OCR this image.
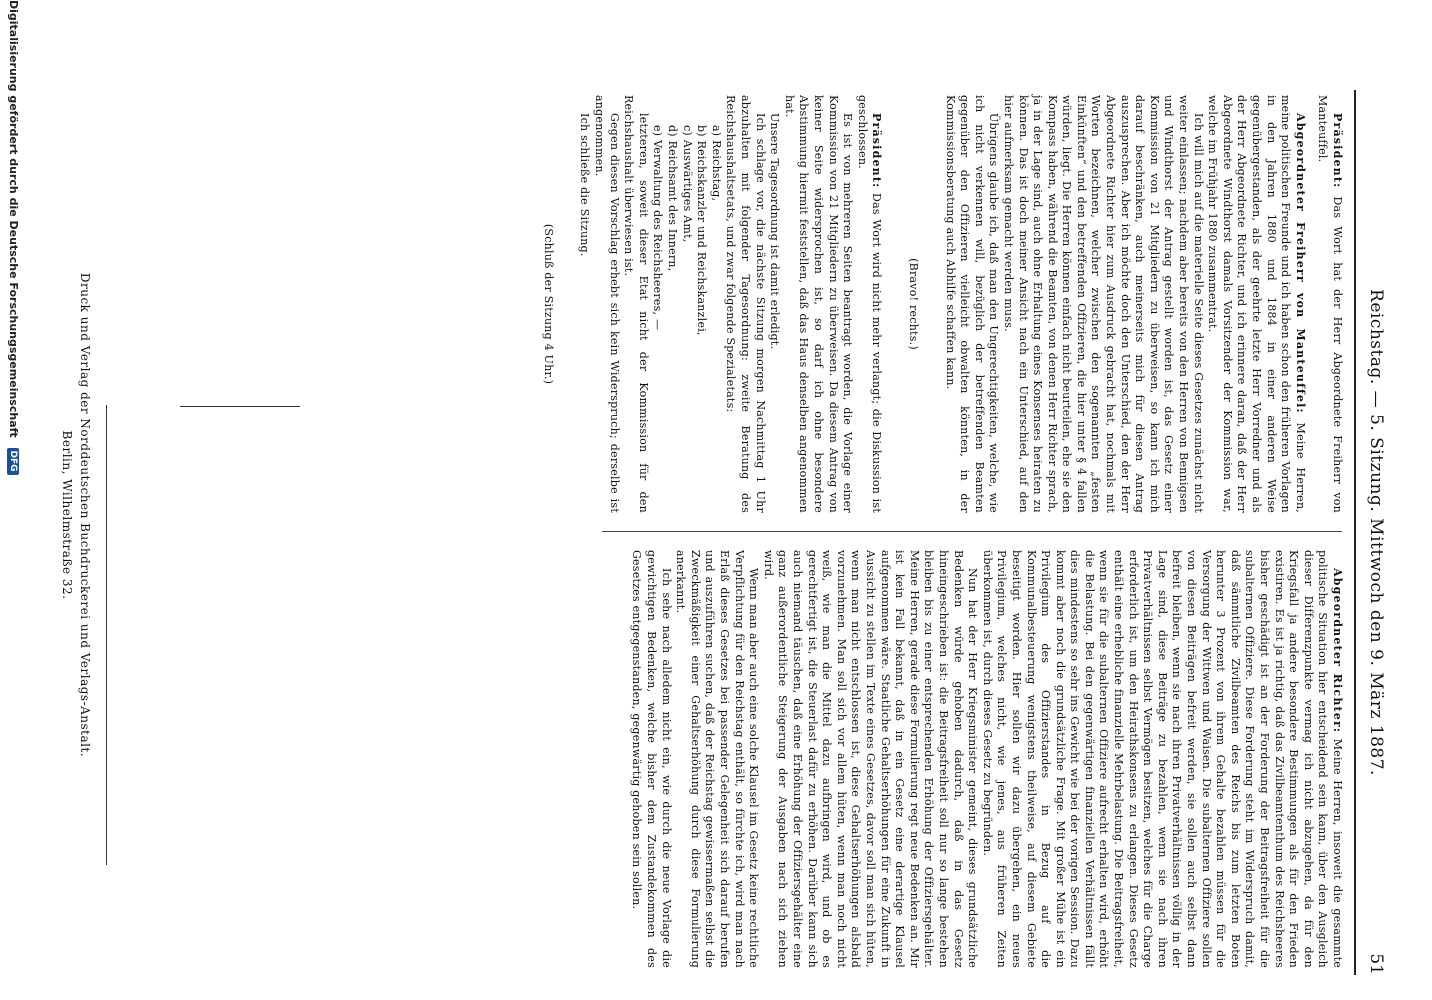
Reichstag. — 5. Sitzung. Mittwoch den 9. März 1887.
51

Präsident: Das Wort hat der Herr Abgeordnete Freiherr von Manteuffel.

Abgeordneter Freiherr von Manteuffel: Meine Herren, meine politischen Freunde und ich haben schon den früheren Vorlagen in den Jahren 1880 und 1884 in einer anderen Weise gegenübergestanden, als der geehrte letzte Herr Vorredner und als der Herr Abgeordnete Richter, und ich erinnere daran, daß der Herr Abgeordnete Windthorst damals Vorsitzender der Kommission war, welche im Frühjahr 1880 zusammentrat.

Ich will mich auf die materielle Seite dieses Gesetzes zunächst nicht weiter einlassen; nachdem aber bereits von den Herren von Bennigsen und Windthorst der Antrag gestellt worden ist, das Gesetz einer Kommission von 21 Mitgliedern zu überweisen, so kann ich mich darauf beschränken, auch meinerseits mich für diesen Antrag auszusprechen. Aber ich möchte doch den Unterschied, den der Herr Abgeordnete Richter hier zum Ausdruck gebracht hat, nochmals mit Worten bezeichnen, welcher zwischen den sogenannten „festen Einkünften“ und den betreffenden Offizieren, die hier unter § 4 fallen würden, liegt. Die Herren können einfach nicht beurteilen, ehe sie den Kompass haben, während die Beamten, von denen Herr Richter sprach, ja in der Lage sind, auch ohne Erhaltung eines Konsenses heiraten zu können. Das ist doch meiner Ansicht nach ein Unterschied, auf den hier aufmerksam gemacht werden muss.

Übrigens glaube ich, daß man den Ungerechtigkeiten, welche, wie ich nicht verkennen will, bezüglich der betreffenden Beamten gegenüber den Offizieren vielleicht obwalten könnten, in der Kommissionsberatung auch Abhilfe schaffen kann.

(Bravo! rechts.)

Präsident: Das Wort wird nicht mehr verlangt; die Diskussion ist geschlossen.

Es ist von mehreren Seiten beantragt worden, die Vorlage einer Kommission von 21 Mitgliedern zu überweisen. Da diesem Antrag von keiner Seite widersprochen ist, so darf ich ohne besondere Abstimmung hiermit feststellen, daß das Haus denselben angenommen hat.

Unsere Tagesordnung ist damit erledigt.

Ich schlage vor, die nächste Sitzung morgen Nachmittag 1 Uhr abzuhalten mit folgender Tagesordnung: zweite Beratung des Reichshaushaltsetats, und zwar folgende Spezialetats:

a) Reichstag,
b) Reichskanzler und Reichskanzlei,
c) Auswärtiges Amt,
d) Reichsamt des Innern,
e) Verwaltung des Reichsheeres, —

letzteren, soweit dieser Etat nicht der Kommission für den Reichshaushalt überwiesen ist.

Gegen diesen Vorschlag erhebt sich kein Widerspruch; derselbe ist angenommen.

Ich schließe die Sitzung.

(Schluß der Sitzung 4 Uhr.)

Abgeordneter Richter: Meine Herren, insoweit die gesammte politische Situation hier entscheidend sein kann, über den Ausgleich dieser Differenzpunkte vermag ich nicht abzugehen, da für den Kriegsfall ja andere besondere Bestimmungen als für den Frieden existiren. Es ist ja richtig, daß das Zivilbeamtenthum des Reichsheeres bisher geschädigt ist an der Forderung der Beitragsfreiheit für die subalternen Offiziere. Diese Forderung steht im Widerspruch damit, daß sämmtliche Zivilbeamten des Reichs bis zum letzten Boten herunter 3 Prozent von ihrem Gehalte bezahlen müssen für die Versorgung der Wittwen und Waisen. Die subalternen Offiziere sollen von diesen Beiträgen befreit werden, sie sollen auch selbst dann befreit bleiben, wenn sie nach ihren Privatverhältnissen völlig in der Lage sind, diese Beiträge zu bezahlen, wenn sie nach ihren Privatverhältnissen selbst Vermögen besitzen, welches für die Charge erforderlich ist, um den Heirathskonsens zu erlangen. Dieses Gesetz enthält eine erhebliche finanzielle Mehrbelastung. Die Beitragsfreiheit, wenn sie für die subalternen Offiziere aufrecht erhalten wird, erhöht die Belastung. Bei den gegenwärtigen finanziellen Verhältnissen fällt dies mindestens so sehr ins Gewicht wie bei der vorigen Session. Dazu kommt aber noch die grundsätzliche Frage. Mit großer Mühe ist ein Privilegium des Offizierstandes in Bezug auf die Kommunalbesteuerung wenigstens theilweise, auf diesem Gebiete beseitigt worden. Hier sollen wir dazu übergehen, ein neues Privilegium, welches nicht, wie jenes, aus früheren Zeiten überkommen ist, durch dieses Gesetz zu begründen.

Nun hat der Herr Kriegsminister gemeint, dieses grundsätzliche Bedenken würde gehoben dadurch, daß in das Gesetz hineingeschrieben ist: die Beitragsfreiheit soll nur so lange bestehen bleiben bis zu einer entsprechenden Erhöhung der Offiziersgehälter. Meine Herren, gerade diese Formulierung regt neue Bedenken an. Mir ist kein Fall bekannt, daß in ein Gesetz eine derartige Klausel aufgenommen wäre. Staatliche Gehaltserhöhungen für eine Zukunft in Aussicht zu stellen im Texte eines Gesetzes, davor soll man sich hüten, wenn man nicht entschlossen ist, diese Gehaltserhöhungen alsbald vorzunehmen. Man soll sich vor allem hüten, wenn man noch nicht weiß, wie man die Mittel dazu aufbringen wird, und ob es gerechtfertigt ist, die Steuerlast dafür zu erhöhen. Darüber kann sich auch niemand täuschen, daß eine Erhöhung der Offiziersgehälter eine ganz außerordentliche Steigerung der Ausgaben nach sich ziehen wird.

Wenn man aber auch eine solche Klausel im Gesetz keine rechtliche Verpflichtung für den Reichstag enthält, so fürchte ich, wird man nach Erlaß dieses Gesetzes bei passender Gelegenheit sich darauf berufen und auszuführen suchen, daß der Reichstag gewissermaßen selbst die Zweckmäßigkeit einer Gehaltserhöhung durch diese Formulierung anerkannt.

Ich sehe nach alledem nicht ein, wie durch die neue Vorlage die gewichtigen Bedenken, welche bisher dem Zustandekommen des Gesetzes entgegenstanden, gegenwärtig gehoben sein sollen.

Druck und Verlag der Norddeutschen Buchdruckerei und Verlags-Anstalt.
Berlin, Wilhelmstraße 32.
Digitalisierung gefördert durch die Deutsche Forschungsgemeinschaft DFG
